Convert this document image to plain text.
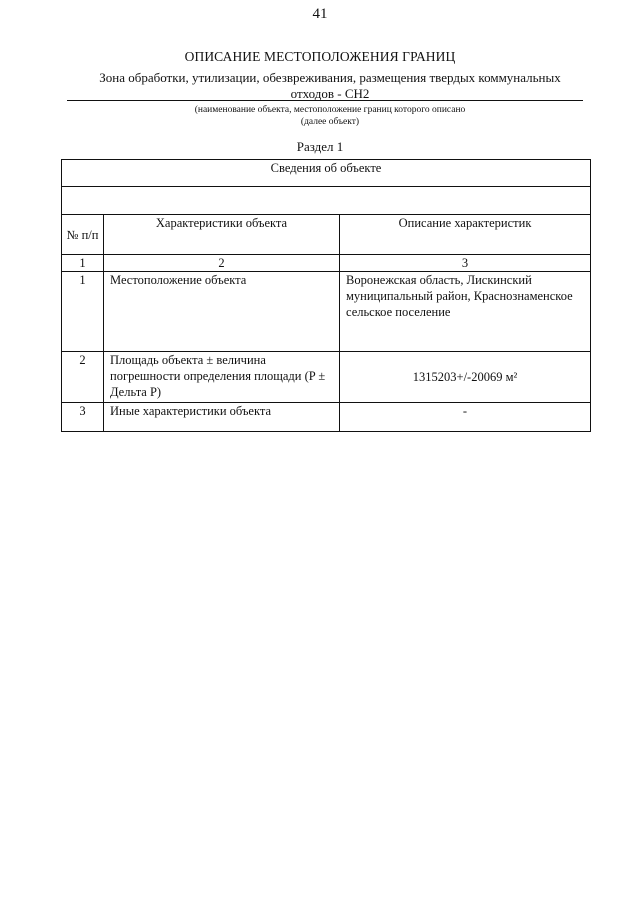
41
ОПИСАНИЕ МЕСТОПОЛОЖЕНИЯ ГРАНИЦ
Зона обработки, утилизации, обезвреживания, размещения твердых коммунальных отходов - СН2
(наименование объекта, местоположение границ которого описано
(далее объект)
Раздел 1
Сведения об объекте		

№ п/п	Характеристики объекта	Описание характеристик
1	2	3
1	Местоположение объекта	Воронежская область, Лискинский муниципальный район, Краснознаменское сельское поселение
2	Площадь объекта ± величина погрешности определения площади (P ± Дельта P)	1315203+/-20069 м²
3	Иные характеристики объекта	-
